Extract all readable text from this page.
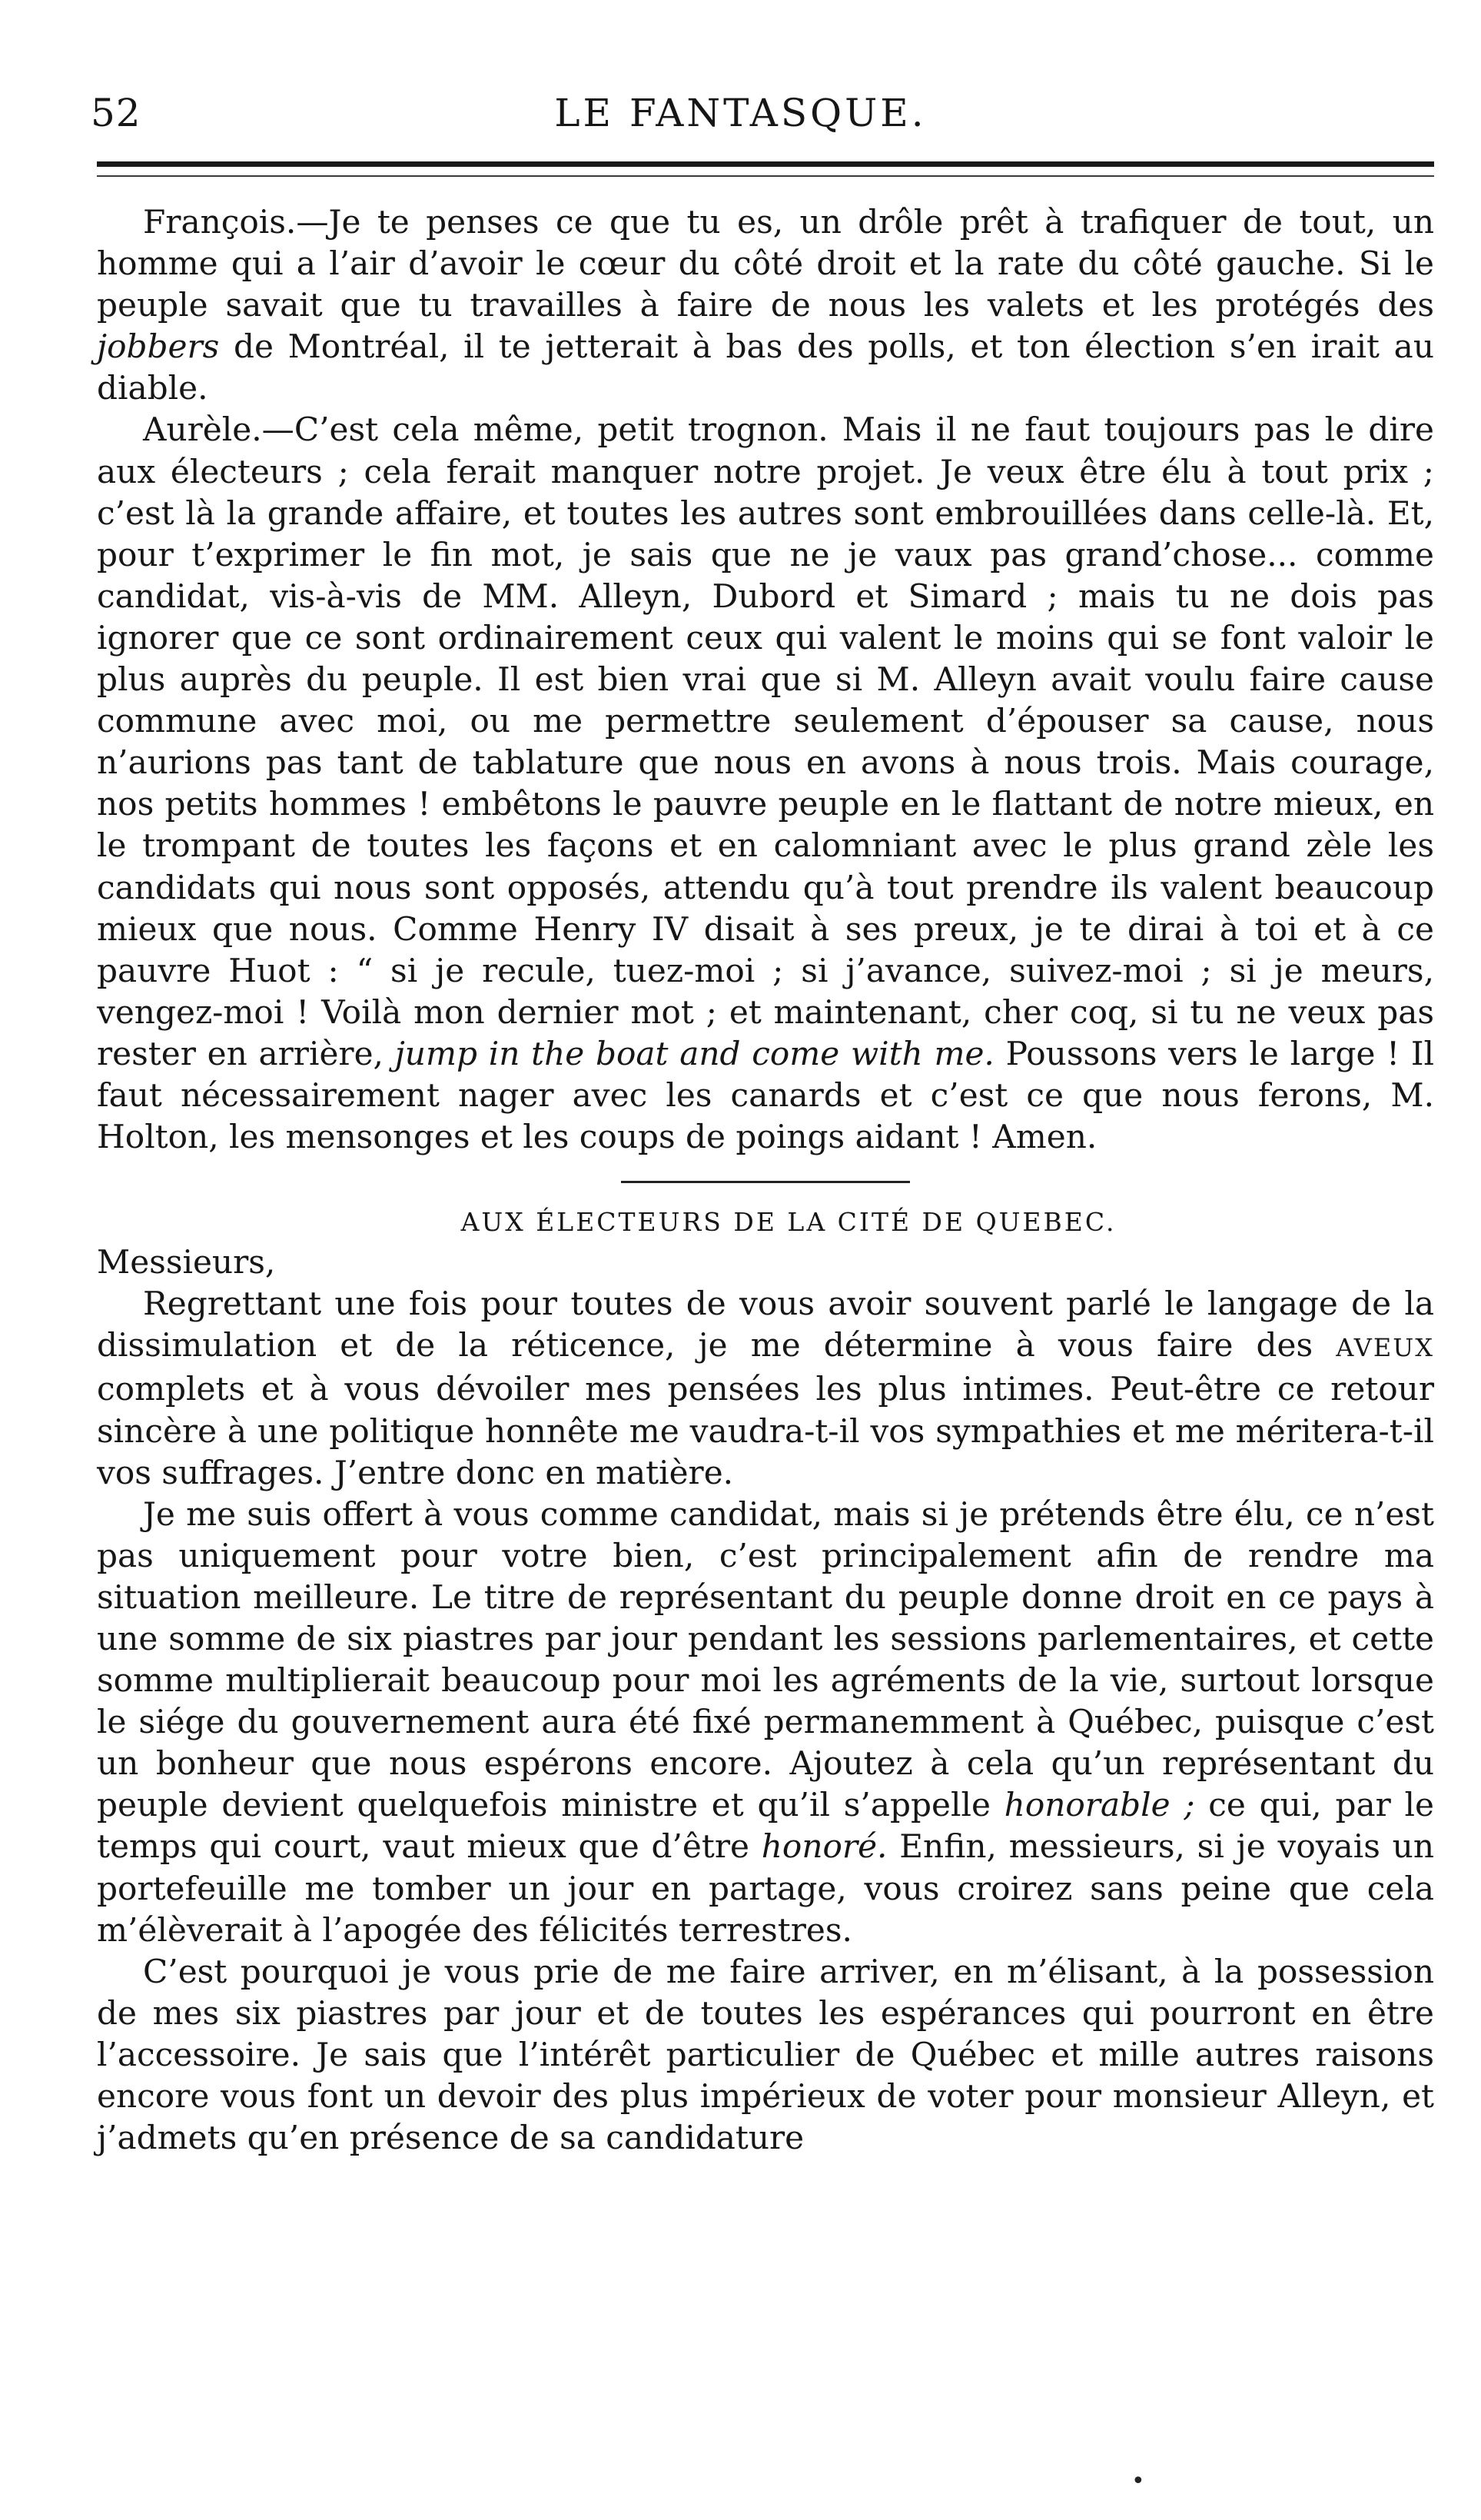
52	LE FANTASQUE.

François.—Je te penses ce que tu es, un drôle prêt à trafiquer de tout, un homme qui a l’air d’avoir le cœur du côté droit et la rate du côté gauche. Si le peuple savait que tu travailles à faire de nous les valets et les protégés des jobbers de Montréal, il te jetterait à bas des polls, et ton élection s’en irait au diable.

Aurèle.—C’est cela même, petit trognon. Mais il ne faut toujours pas le dire aux électeurs ; cela ferait manquer notre projet. Je veux être élu à tout prix ; c’est là la grande affaire, et toutes les autres sont embrouillées dans celle-là. Et, pour t’exprimer le fin mot, je sais que ne je vaux pas grand’chose... comme candidat, vis-à-vis de MM. Alleyn, Dubord et Simard ; mais tu ne dois pas ignorer que ce sont ordinairement ceux qui valent le moins qui se font valoir le plus auprès du peuple. Il est bien vrai que si M. Alleyn avait voulu faire cause commune avec moi, ou me permettre seulement d’épouser sa cause, nous n’aurions pas tant de tablature que nous en avons à nous trois. Mais courage, nos petits hommes ! embêtons le pauvre peuple en le flattant de notre mieux, en le trompant de toutes les façons et en calomniant avec le plus grand zèle les candidats qui nous sont opposés, attendu qu’à tout prendre ils valent beaucoup mieux que nous. Comme Henry IV disait à ses preux, je te dirai à toi et à ce pauvre Huot : “ si je recule, tuez-moi ; si j’avance, suivez-moi ; si je meurs, vengez-moi ! Voilà mon dernier mot ; et maintenant, cher coq, si tu ne veux pas rester en arrière, jump in the boat and come with me. Poussons vers le large ! Il faut nécessairement nager avec les canards et c’est ce que nous ferons, M. Holton, les mensonges et les coups de poings aidant ! Amen.

AUX ÉLECTEURS DE LA CITÉ DE QUEBEC.

Messieurs,

Regrettant une fois pour toutes de vous avoir souvent parlé le langage de la dissimulation et de la réticence, je me détermine à vous faire des AVEUX complets et à vous dévoiler mes pensées les plus intimes. Peut-être ce retour sincère à une politique honnête me vaudra-t-il vos sympathies et me méritera-t-il vos suffrages. J’entre donc en matière.

Je me suis offert à vous comme candidat, mais si je prétends être élu, ce n’est pas uniquement pour votre bien, c’est principalement afin de rendre ma situation meilleure. Le titre de représentant du peuple donne droit en ce pays à une somme de six piastres par jour pendant les sessions parlementaires, et cette somme multiplierait beaucoup pour moi les agréments de la vie, surtout lorsque le siége du gouvernement aura été fixé permanemment à Québec, puisque c’est un bonheur que nous espérons encore. Ajoutez à cela qu’un représentant du peuple devient quelquefois ministre et qu’il s’appelle honorable ; ce qui, par le temps qui court, vaut mieux que d’être honoré. Enfin, messieurs, si je voyais un portefeuille me tomber un jour en partage, vous croirez sans peine que cela m’élèverait à l’apogée des félicités terrestres.

C’est pourquoi je vous prie de me faire arriver, en m’élisant, à la possession de mes six piastres par jour et de toutes les espérances qui pourront en être l’accessoire. Je sais que l’intérêt particulier de Québec et mille autres raisons encore vous font un devoir des plus impérieux de voter pour monsieur Alleyn, et j’admets qu’en présence de sa candidature

•
